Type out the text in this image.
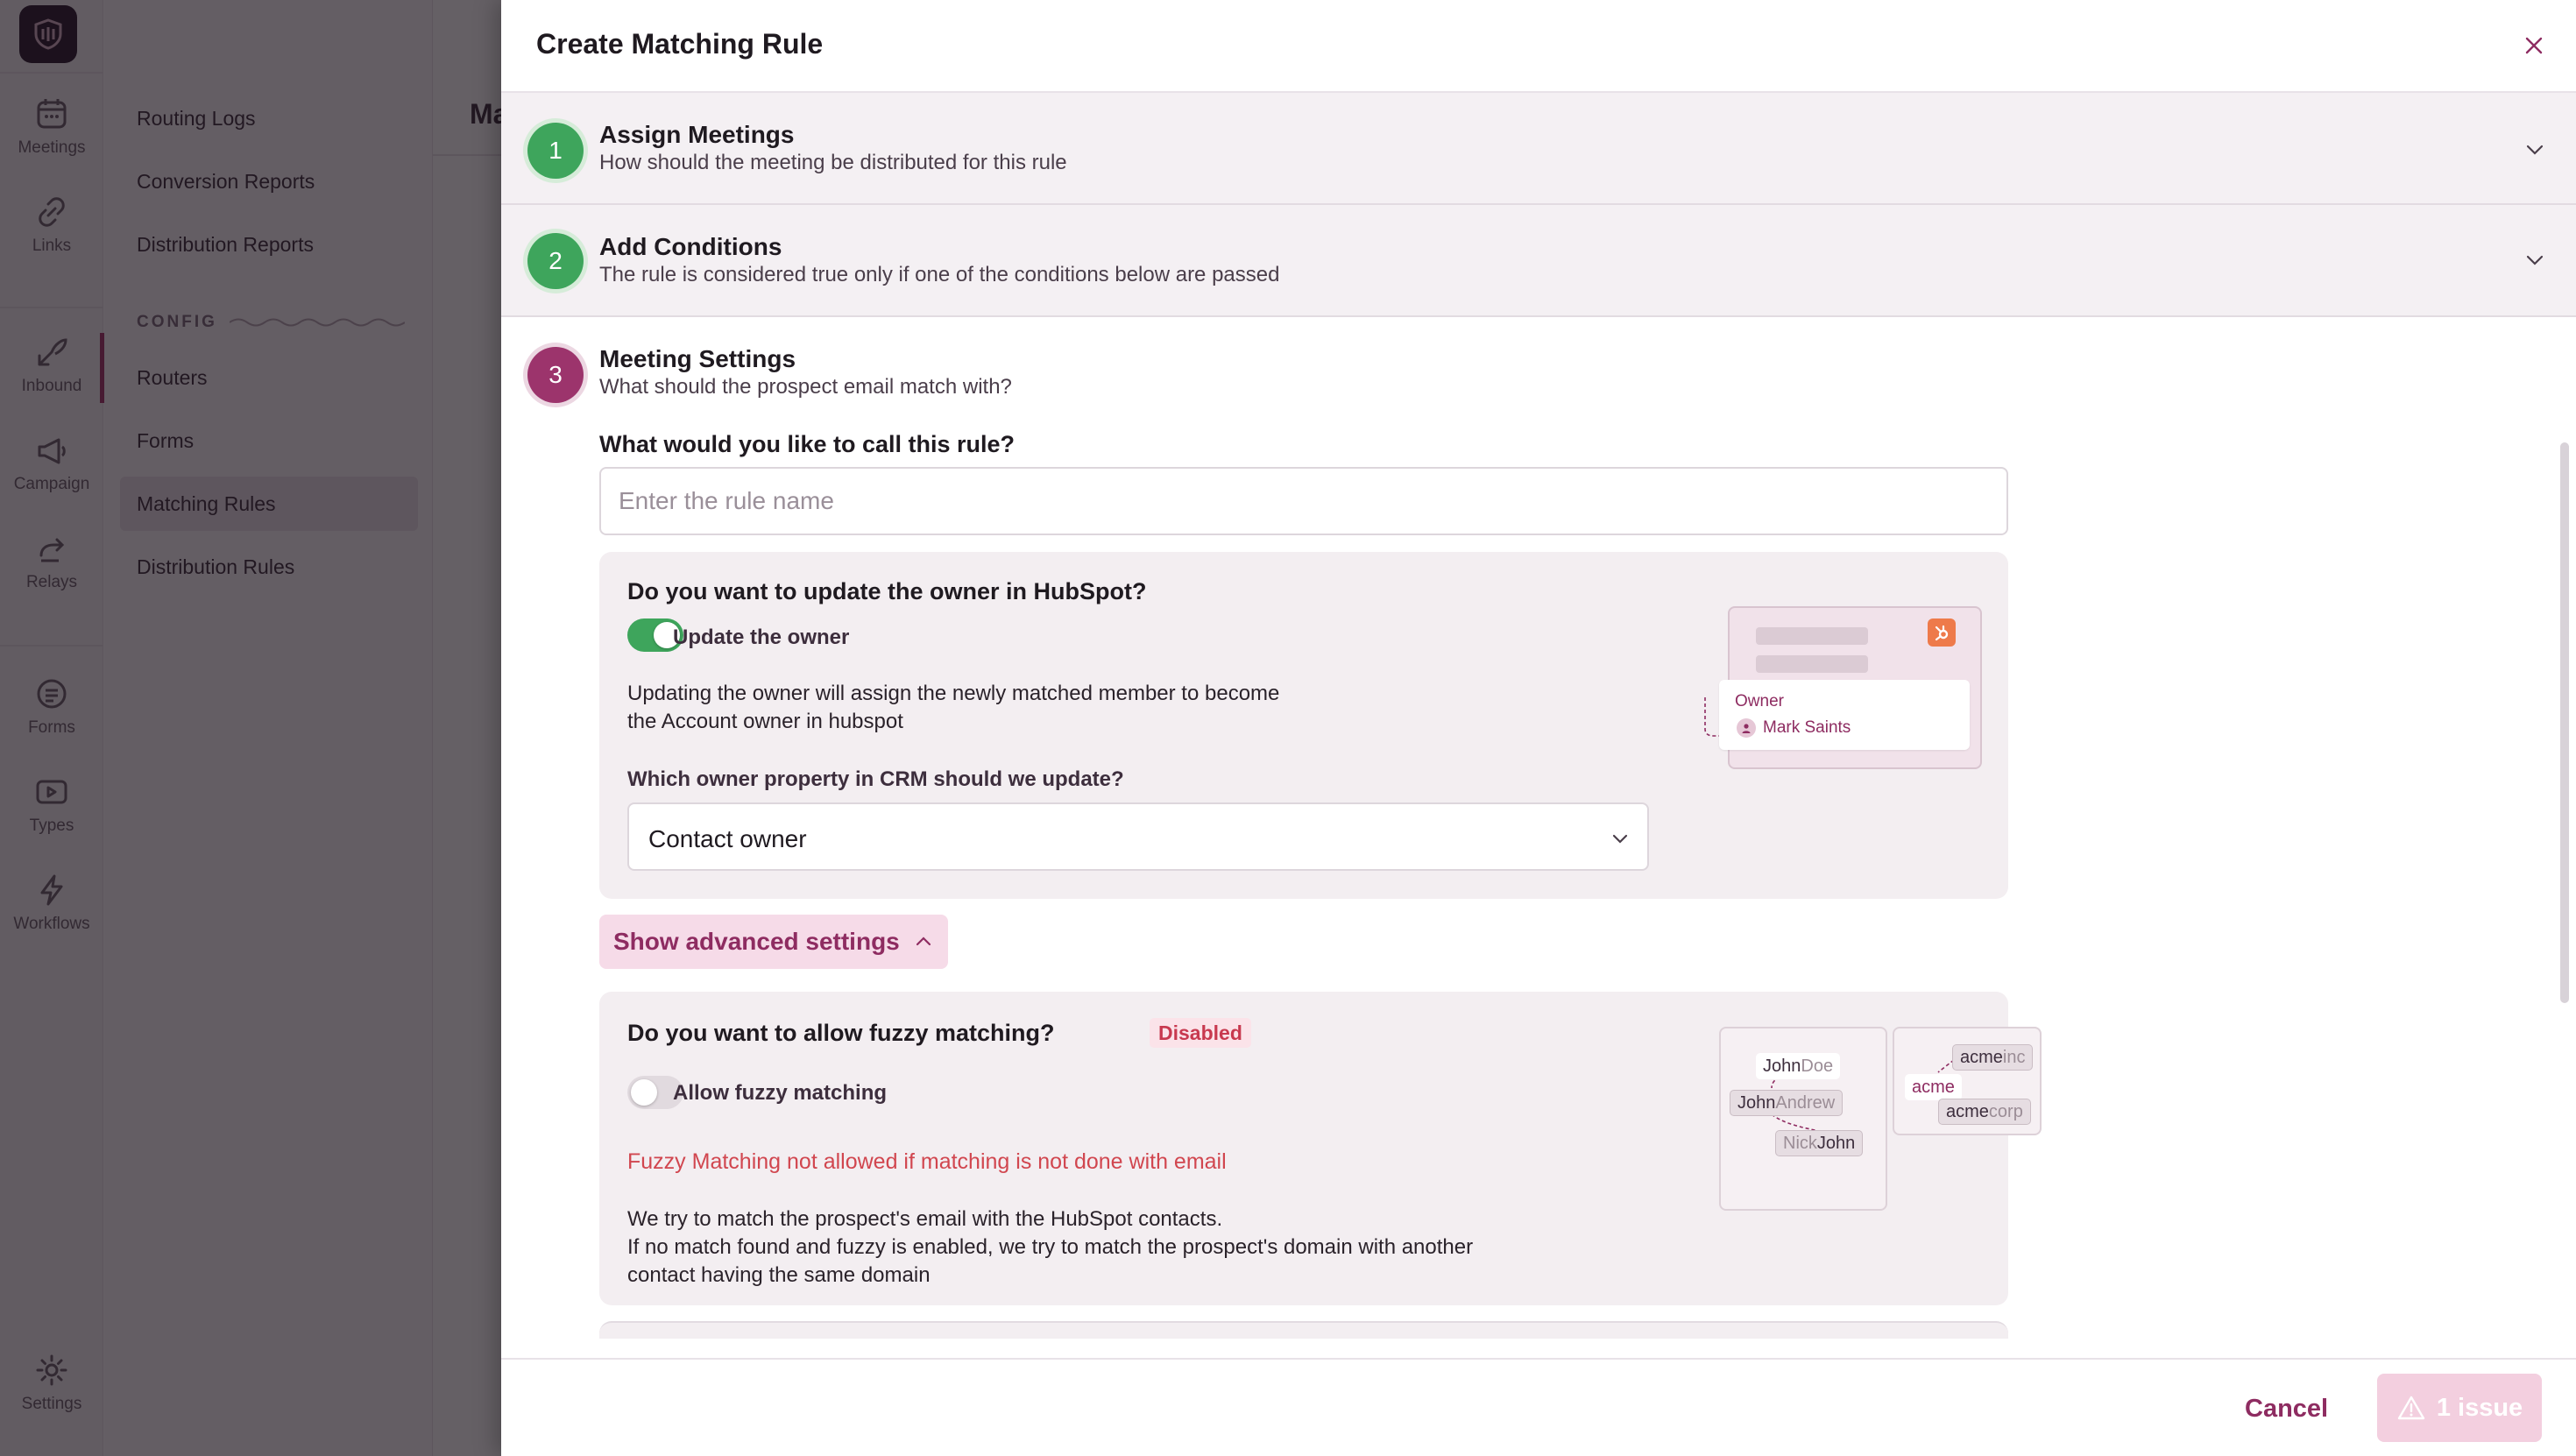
Create Matching Rule
1
Assign Meetings
How should the meeting be distributed for this rule
2
Add Conditions
The rule is considered true only if one of the conditions below are passed
3
Meeting Settings
What should the prospect email match with?
What would you like to call this rule?
Enter the rule name
Do you want to update the owner in HubSpot?
Update the owner
Updating the owner will assign the newly matched member to become
the Account owner in hubspot
Which owner property in CRM should we update?
Contact owner
Owner
Mark Saints
Show advanced settings
Do you want to allow fuzzy matching?	Disabled
Allow fuzzy matching
Fuzzy Matching not allowed if matching is not done with email
We try to match the prospect's email with the HubSpot contacts.
If no match found and fuzzy is enabled, we try to match the prospect's domain with another
contact having the same domain
John Doe
John Andrew
Nick John
acme inc
acme
acme corp
Cancel	1 issue
